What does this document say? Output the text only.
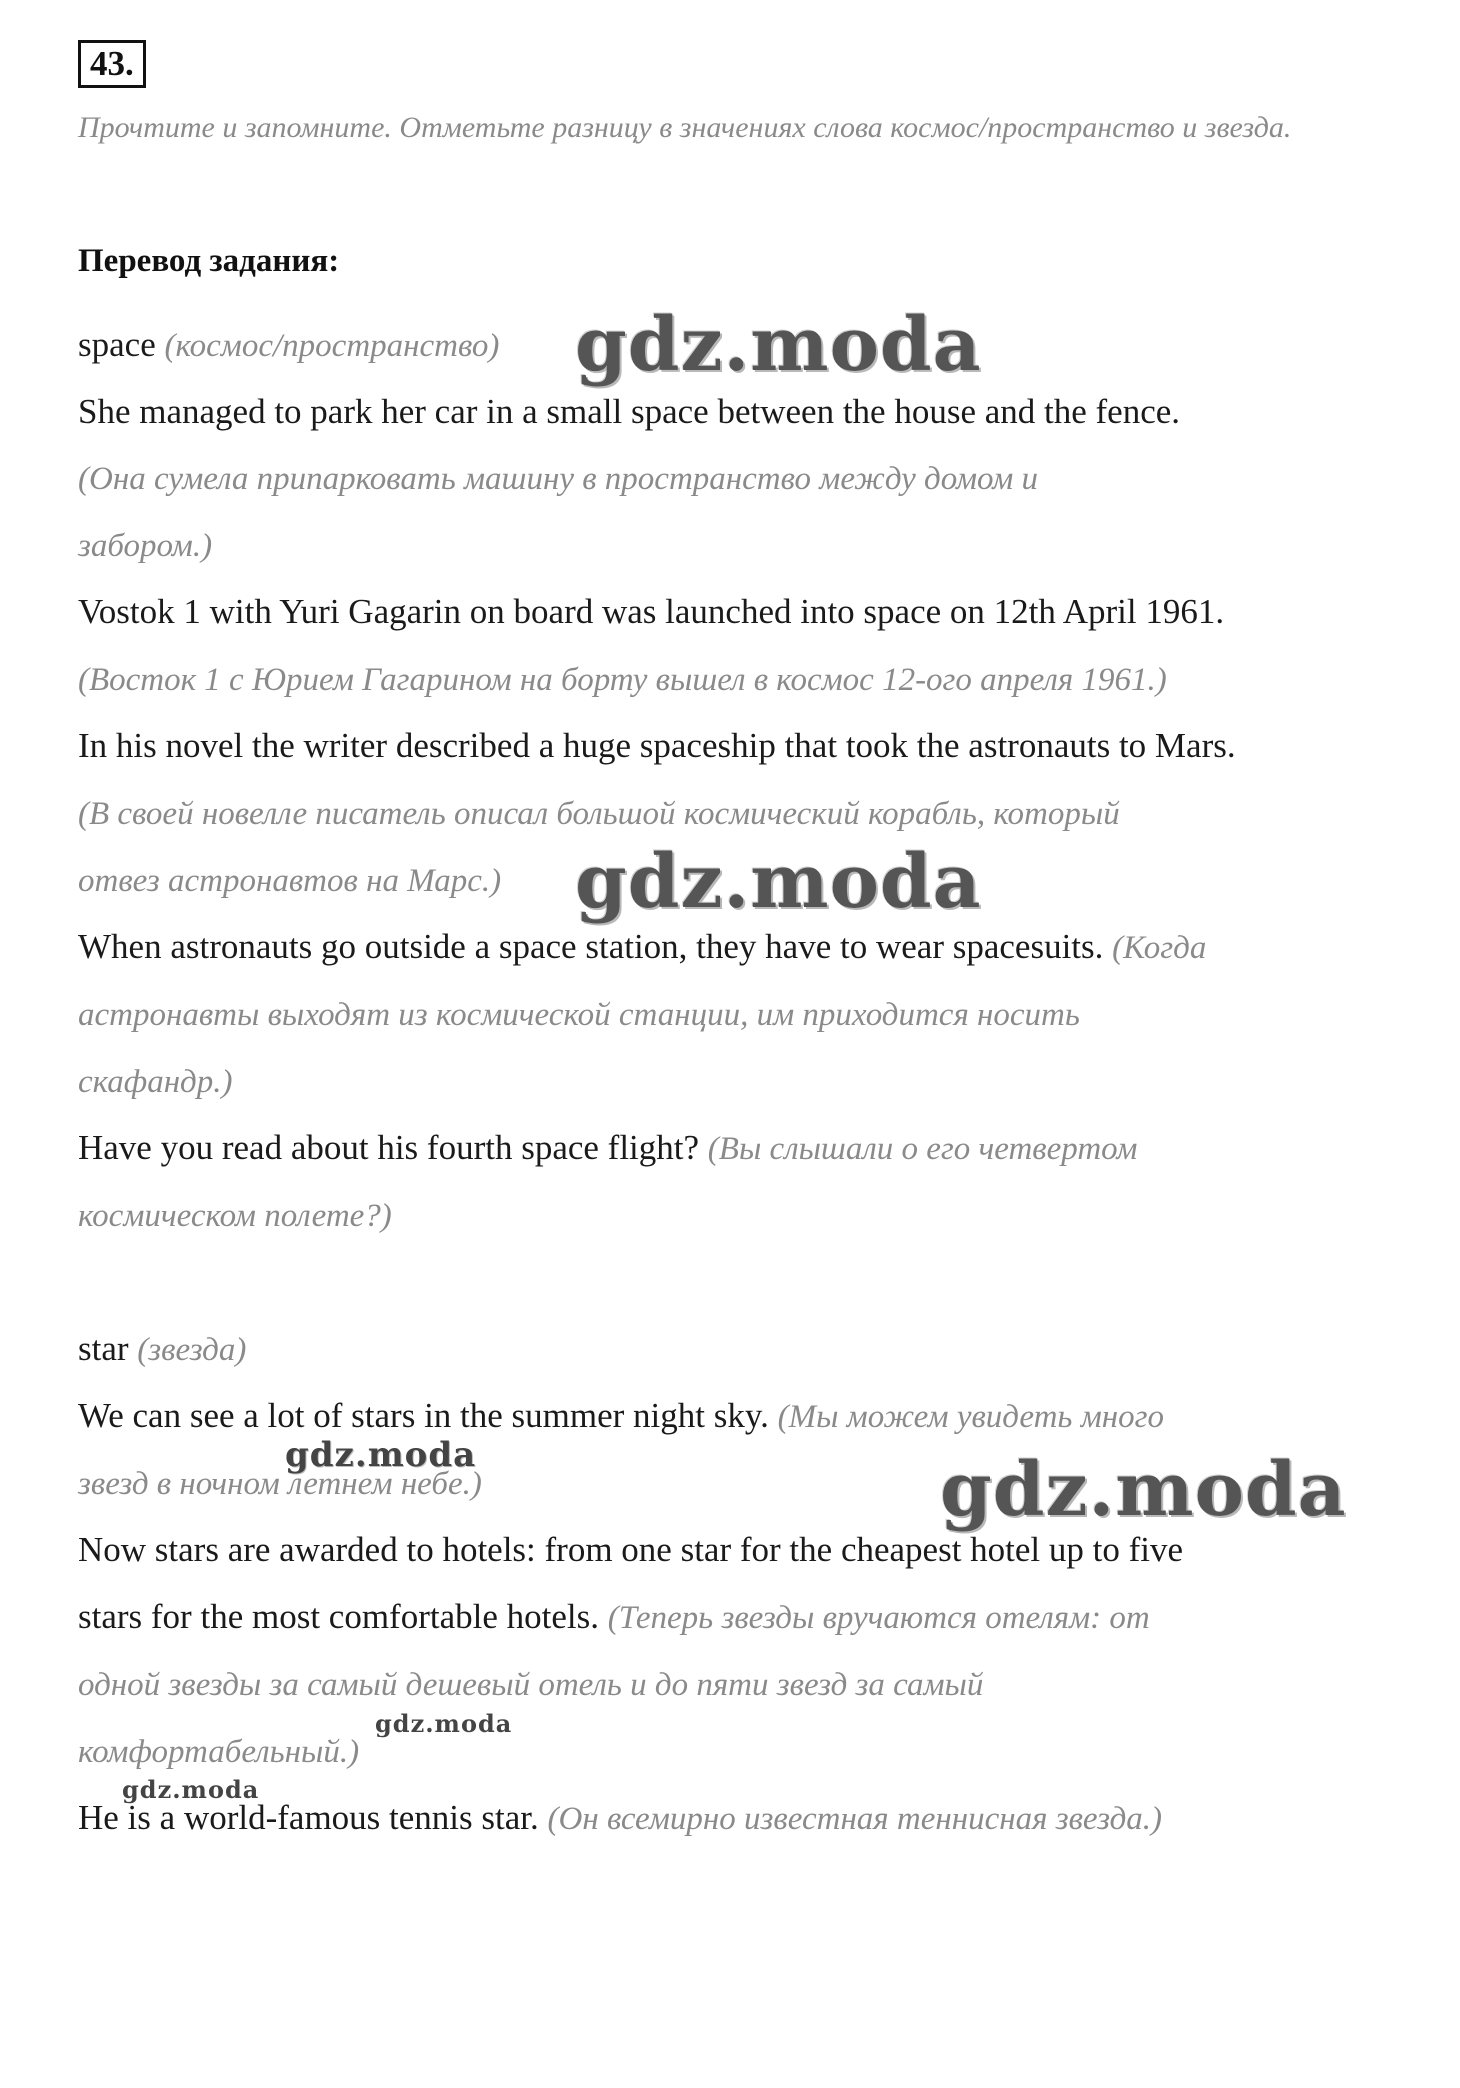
43.
Прочтите и запомните. Отметьте разницу в значениях слова космос/пространство и звезда.
Перевод задания:
space (космос/пространство)
She managed to park her car in a small space between the house and the fence.
(Она сумела припарковать машину в пространство между домом и
забором.)
Vostok 1 with Yuri Gagarin on board was launched into space on 12th April 1961.
(Восток 1 с Юрием Гагарином на борту вышел в космос 12-ого апреля 1961.)
In his novel the writer described a huge spaceship that took the astronauts to Mars.
(В своей новелле писатель описал большой космический корабль, который
отвез астронавтов на Марс.)
When astronauts go outside a space station, they have to wear spacesuits. (Когда
астронавты выходят из космической станции, им приходится носить
скафандр.)
Have you read about his fourth space flight? (Вы слышали о его четвертом
космическом полете?)
star (звезда)
We can see a lot of stars in the summer night sky. (Мы можем увидеть много
звезд в ночном летнем небе.)
Now stars are awarded to hotels: from one star for the cheapest hotel up to five
stars for the most comfortable hotels. (Теперь звезды вручаются отелям: от
одной звезды за самый дешевый отель и до пяти звезд за самый
комфортабельный.)
He is a world-famous tennis star. (Он всемирно известная теннисная звезда.)
gdz.moda
gdz.moda
gdz.moda
gdz.moda
gdz.moda
gdz.moda
